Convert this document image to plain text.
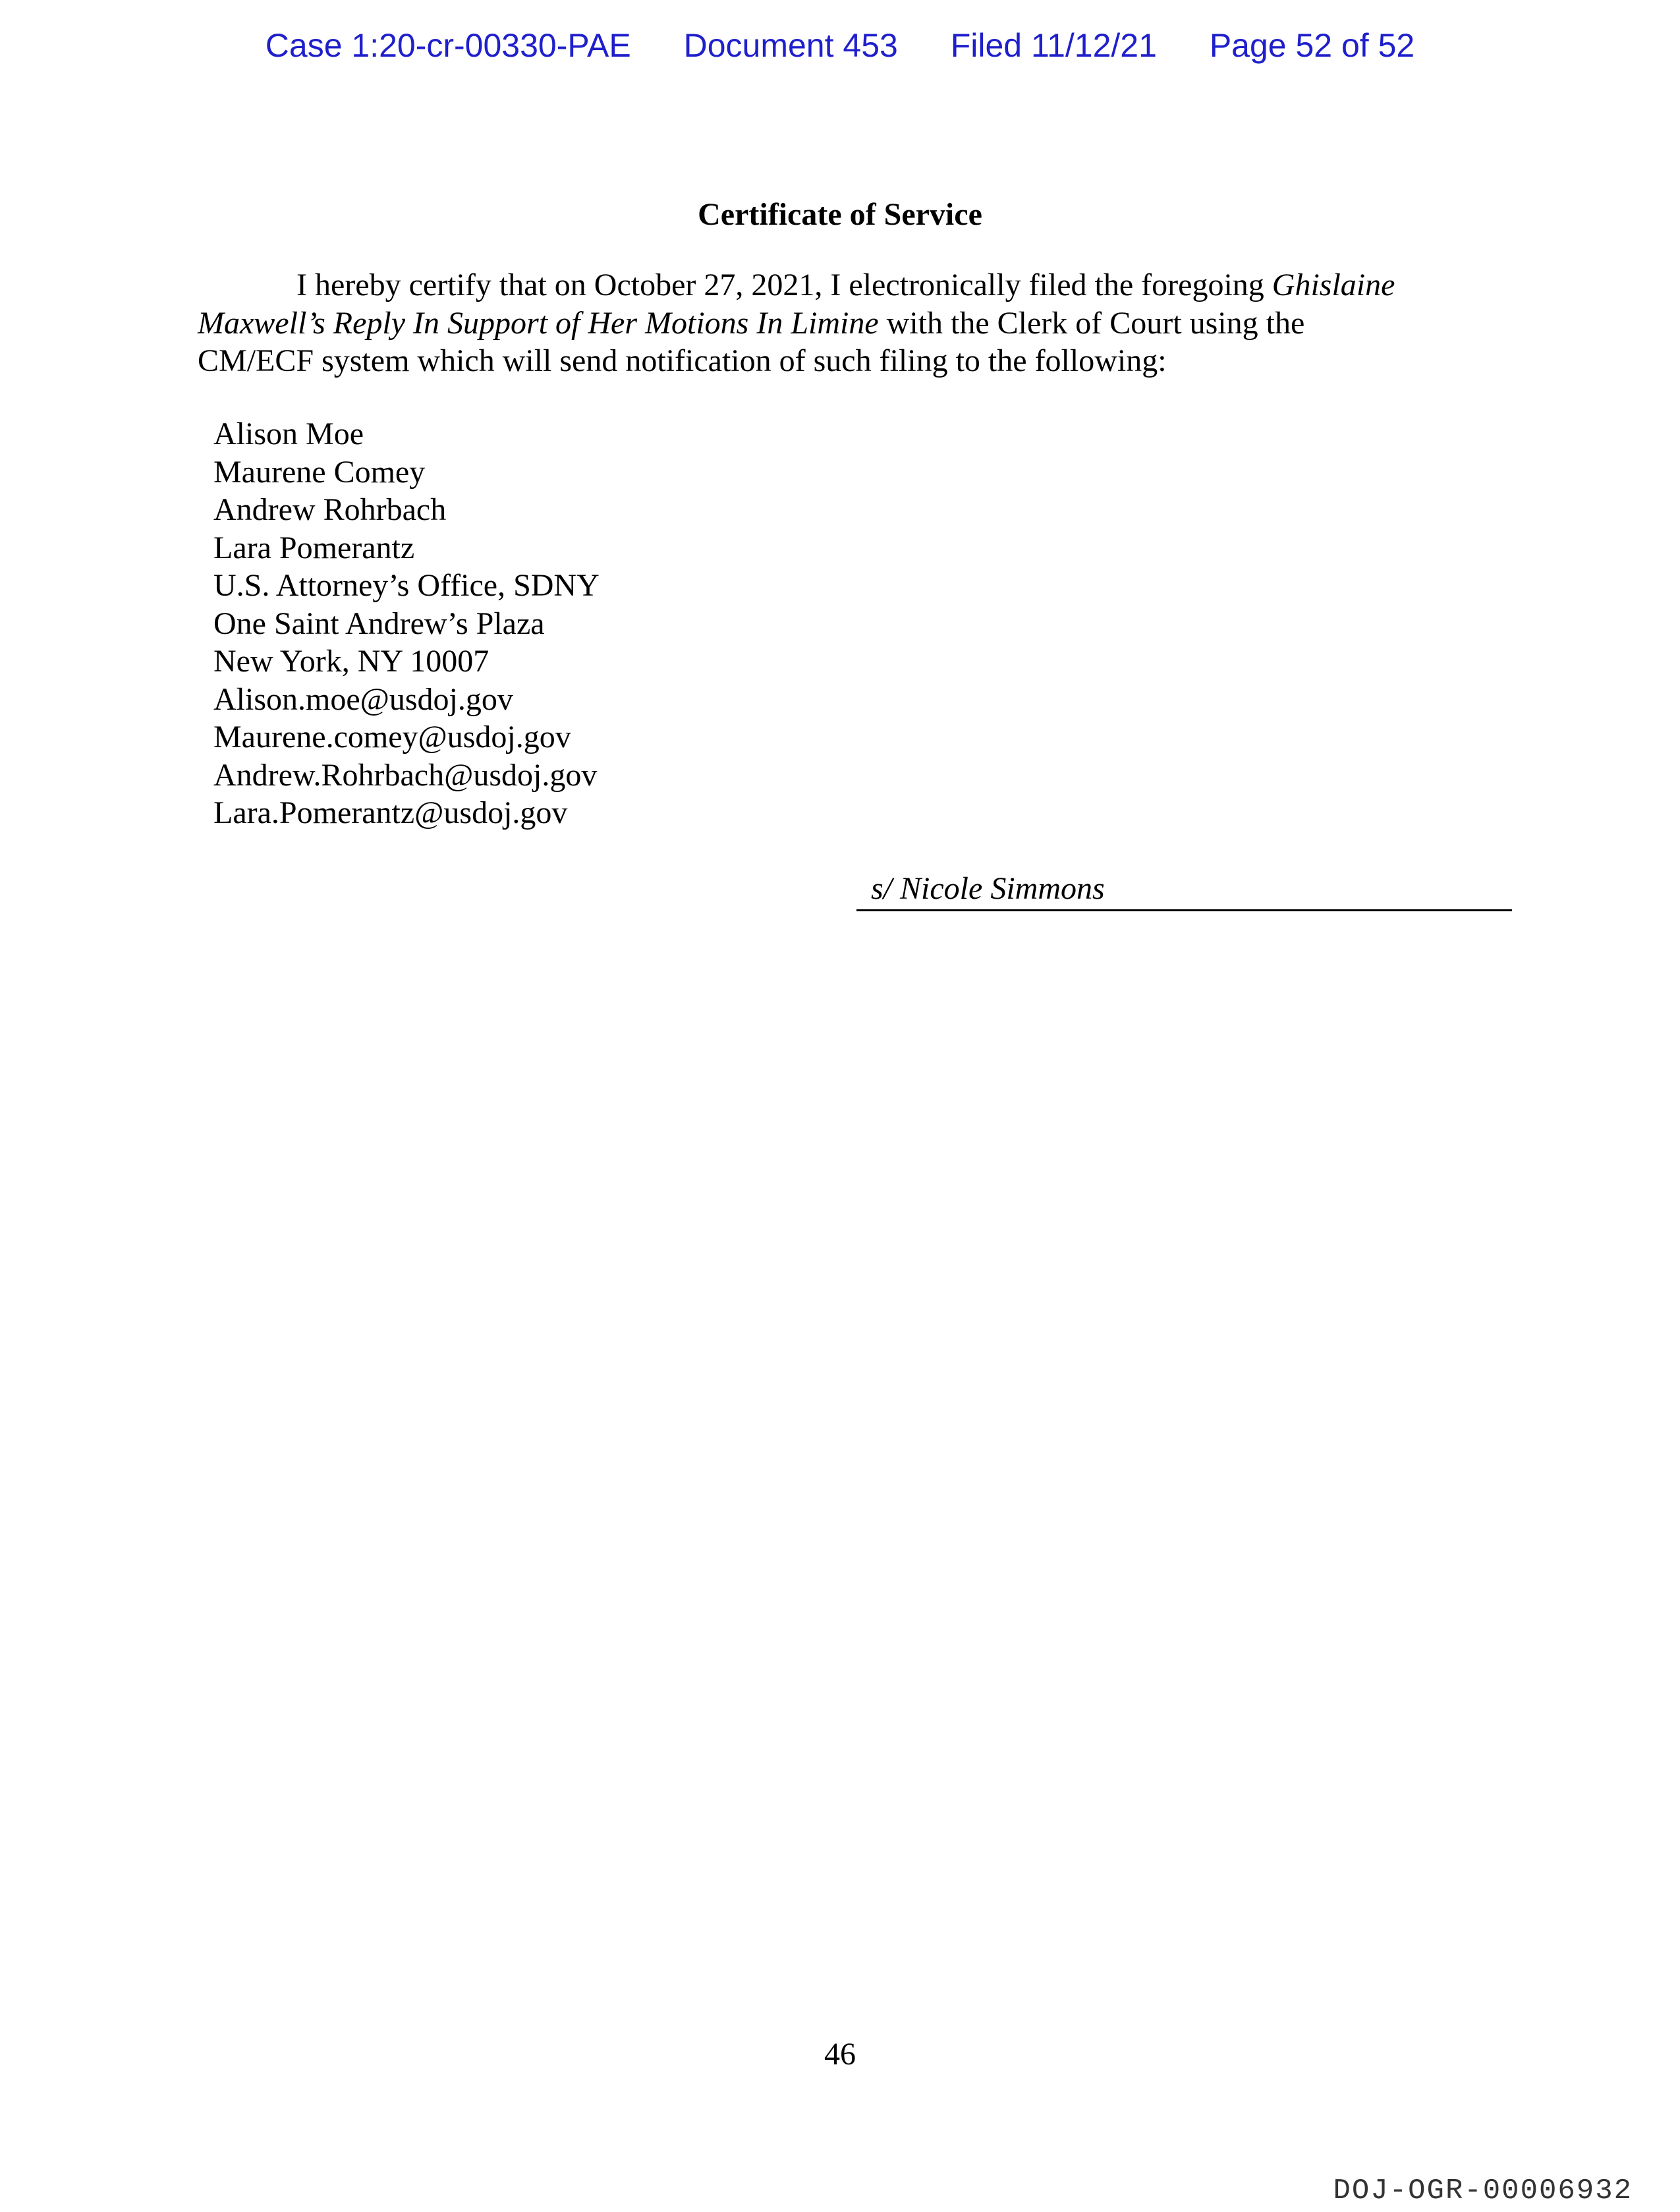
Case 1:20-cr-00330-PAE Document 453 Filed 11/12/21 Page 52 of 52
Certificate of Service

I hereby certify that on October 27, 2021, I electronically filed the foregoing Ghislaine

Maxwell’s Reply In Support of Her Motions In Limine with the Clerk of Court using the

CM/ECF system which will send notification of such filing to the following:

Alison Moe
Maurene Comey
Andrew Rohrbach
Lara Pomerantz
U.S. Attorney’s Office, SDNY
One Saint Andrew’s Plaza
New York, NY 10007
Alison.moe@usdoj.gov
Maurene.comey@usdoj.gov
Andrew.Rohrbach@usdoj.gov
Lara.Pomerantz@usdoj.gov
s/ Nicole Simmons
46
DOJ-OGR-00006932
